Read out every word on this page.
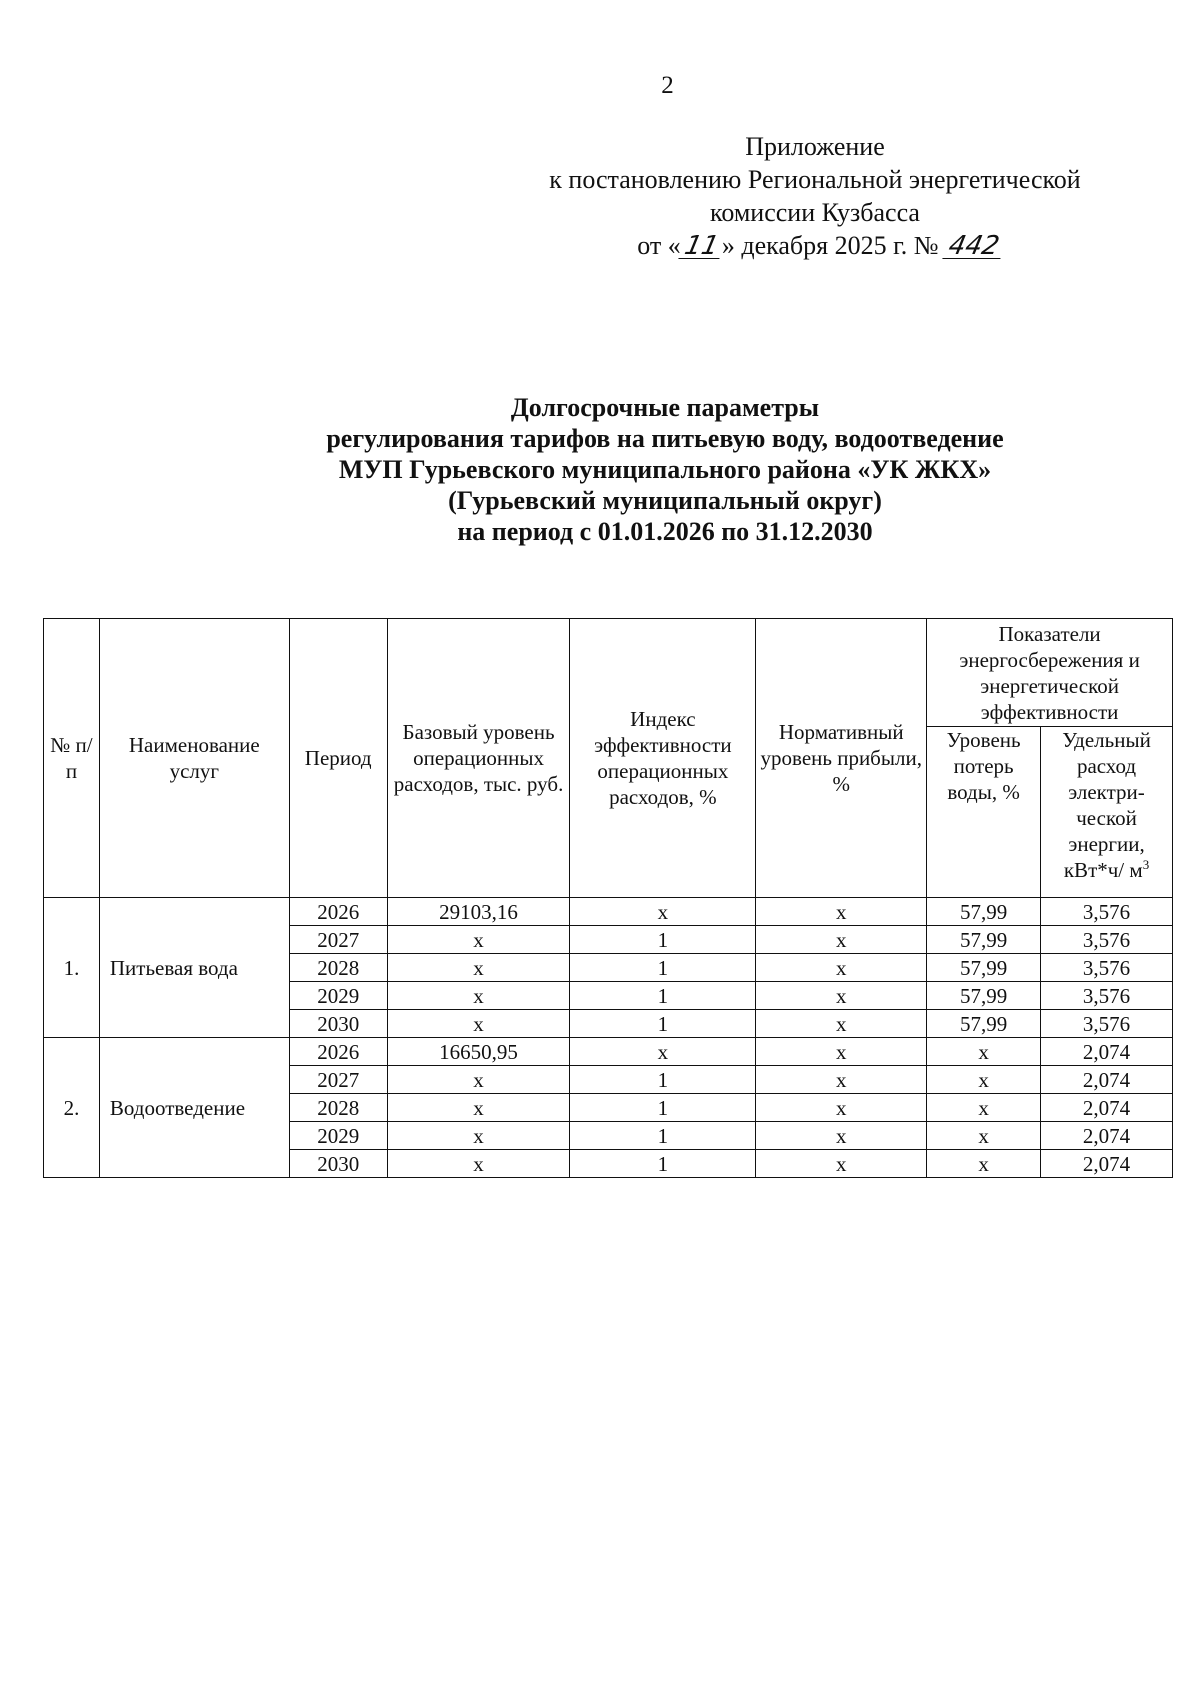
2
Приложение
к постановлению Региональной энергетической
комиссии Кузбасса
от «11» декабря 2025 г. № 442
Долгосрочные параметры
регулирования тарифов на питьевую воду, водоотведение
МУП Гурьевского муниципального района «УК ЖКХ»
(Гурьевский муниципальный округ)
на период с 01.01.2026 по 31.12.2030
№ п/п	Наименование услуг	Период	Базовый уровень операционных расходов, тыс. руб.	Индекс эффективности операционных расходов, %	Нормативный уровень прибыли, %	Показатели энергосбережения и энергетической эффективности	
						Уровень потерь воды, %	Удельный расход электри-ческой энергии, кВт*ч/ $м^3$
1.	Питьевая вода	2026	29103,16	х	х	57,99	3,576
		2027	х	1	х	57,99	3,576
		2028	х	1	х	57,99	3,576
		2029	х	1	х	57,99	3,576
		2030	х	1	х	57,99	3,576
2.	Водоотведение	2026	16650,95	х	х	х	2,074
		2027	х	1	х	х	2,074
		2028	х	1	х	х	2,074
		2029	х	1	х	х	2,074
		2030	х	1	х	х	2,074
